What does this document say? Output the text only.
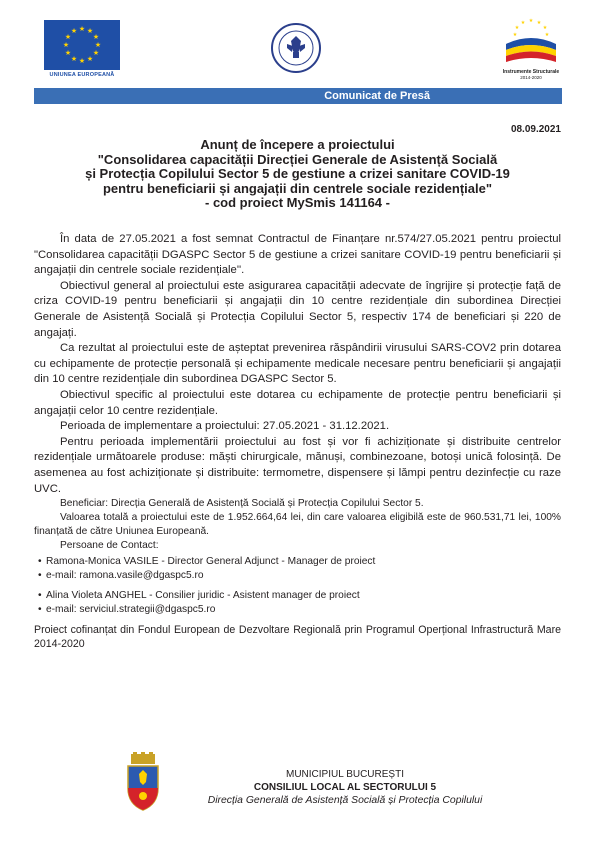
★ ★
★
★
★
★
★
★
★
★
★
★
UNIUNEA EUROPEANĂ
★ ★
★
★
★
★
★
Instrumente Structurale
2014-2020
Comunicat de Presă
08.09.2021
Anunț de începere a proiectului
"Consolidarea capacității Direcției Generale de Asistență Socială
și Protecția Copilului Sector 5 de gestiune a crizei sanitare COVID-19
pentru beneficiarii și angajații din centrele sociale rezidențiale"
- cod proiect MySmis 141164 -

În data de 27.05.2021 a fost semnat Contractul de Finanțare nr.574/27.05.2021 pentru proiectul "Consolidarea capacității DGASPC Sector 5 de gestiune a crizei sanitare COVID-19 pentru beneficiarii și angajații din centrele sociale rezidențiale''.

Obiectivul general al proiectului este asigurarea capacității adecvate de îngrijire și protecție față de criza COVID-19 pentru beneficiarii și angajații din 10 centre rezidențiale din subordinea Direcției Generale de Asistență Socială și Protecția Copilului Sector 5, respectiv 174 de beneficiari și 220 de angajați.

Ca rezultat al proiectului este de așteptat prevenirea răspândirii virusului SARS-COV2 prin dotarea cu echipamente de protecție personală și echipamente medicale necesare pentru beneficiarii și angajații din 10 centre rezidențiale din subordinea DGASPC Sector 5.

Obiectivul specific al proiectului este dotarea cu echipamente de protecție pentru beneficiarii și angajații celor 10 centre rezidențiale.

Perioada de implementare a proiectului: 27.05.2021 - 31.12.2021.

Pentru perioada implementării proiectului au fost și vor fi achiziționate și distribuite centrelor rezidențiale următoarele produse: măști chirurgicale, mănuși, combinezoane, botoși unică folosință. De asemenea au fost achiziționate și distribuite: termometre, dispensere și lămpi pentru dezinfecție cu raze UVC.

Beneficiar: Direcția Generală de Asistență Socială și Protecția Copilului Sector 5.

Valoarea totală a proiectului este de 1.952.664,64 lei, din care valoarea eligibilă este de 960.531,71 lei, 100% finanțată de către Uniunea Europeană.

Persoane de Contact:
• Ramona-Monica VASILE - Director General Adjunct - Manager de proiect
• e-mail: ramona.vasile@dgaspc5.ro
• Alina Violeta ANGHEL - Consilier juridic - Asistent manager de proiect
• e-mail: serviciul.strategii@dgaspc5.ro

Proiect cofinanțat din Fondul European de Dezvoltare Regională prin Programul Operțional Infrastructură Mare 2014-2020

MUNICIPIUL BUCUREȘTI
CONSILIUL LOCAL AL SECTORULUI 5
Direcția Generală de Asistență Socială și Protecția Copilului
